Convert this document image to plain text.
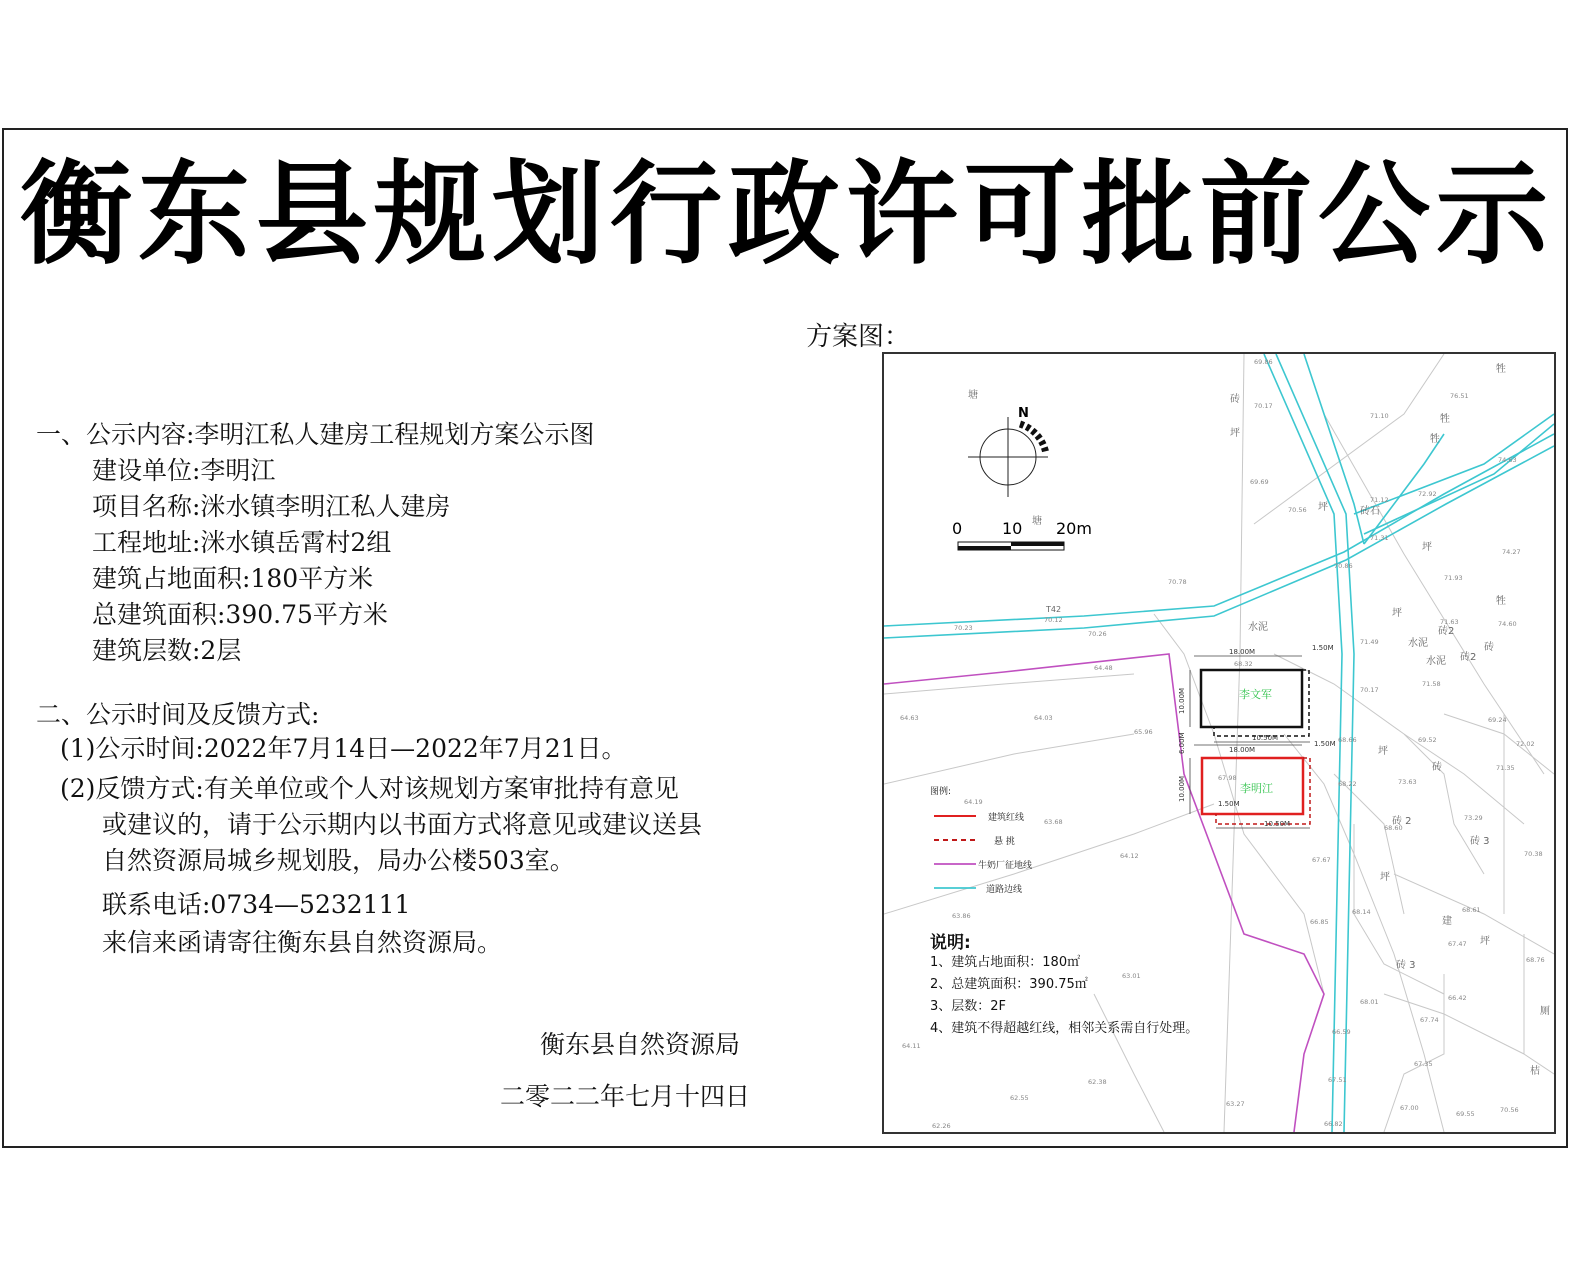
衡东县规划行政许可批前公示
一、公示内容:李明江私人建房工程规划方案公示图
建设单位:李明江
项目名称:洣水镇李明江私人建房
工程地址:洣水镇岳霄村2组
建筑占地面积:180平方米
总建筑面积:390.75平方米
建筑层数:2层
二、公示时间及反馈方式:
(1)公示时间:2022年7月14日—2022年7月21日。
(2)反馈方式:有关单位或个人对该规划方案审批持有意见
或建议的，请于公示期内以书面方式将意见或建议送县
自然资源局城乡规划股，局办公楼503室。
联系电话:0734—5232111
来信来函请寄往衡东县自然资源局。
衡东县自然资源局
二零二二年七月十四日
方案图：
N
0 10 20m
李文军
李明江
18.00M
10.00M
1.50M
10.50M
6.00M	18.00M
10.00M
1.50M
1.50M
10.50M
塘
塘
坪
坪
坪
坪
坪
坪
坪
砖
砖
砖
砖2
砖2
砖 2
砖 3
砖 3
砖石
水泥
水泥
水泥
牲
牲
牲
牲
建
厕
桔
T42
69.86
70.17
76.51
71.10
74.63
69.69
70.56
71.12
72.92
71.31
74.27
70.86
71.93
70.78
70.12
70.23
70.26
71.49
71.63	74.60
64.48
64.63	64.03
71.58
70.17
69.24
65.96
69.52	72.02
68.66
71.35
68.22	73.63
64.19
63.68	73.29
68.60
64.12	67.67
70.38
63.86	68.14	68.61
67.47
66.85
68.76
63.01
66.42
68.01
67.74
66.59
64.11
62.38
67.35
67.51
62.55
63.27	67.00
69.55	70.56
62.26	66.82
67.98
68.32
图例:
建筑红线
悬 挑
牛奶厂征地线
道路边线
说明:
1、建筑占地面积：180㎡
2、总建筑面积：390.75㎡
3、层数：2F
4、建筑不得超越红线，相邻关系需自行处理。
